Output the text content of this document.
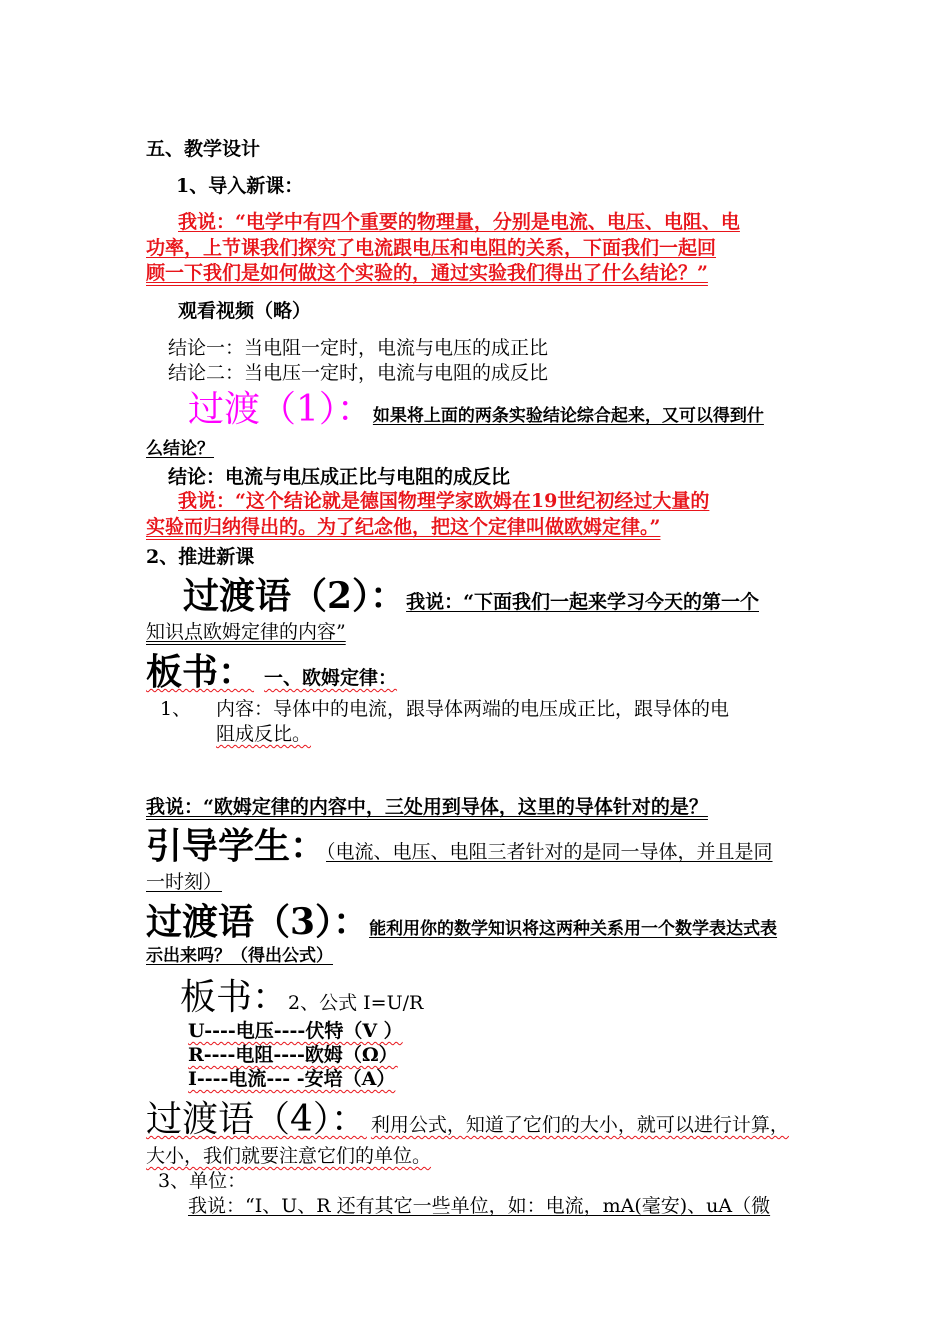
五、教学设计
1、导入新课：
我说：“电学中有四个重要的物理量，分别是电流、电压、电阻、电
功率，上节课我们探究了电流跟电压和电阻的关系，下面我们一起回
顾一下我们是如何做这个实验的，通过实验我们得出了什么结论？”
观看视频（略）
结论一：当电阻一定时，电流与电压的成正比
结论二：当电压一定时，电流与电阻的成反比
过渡（1）：如果将上面的两条实验结论综合起来，又可以得到什
么结论？
结论：电流与电压成正比与电阻的成反比
我说：“这个结论就是德国物理学家欧姆在19世纪初经过大量的
实验而归纳得出的。为了纪念他，把这个定律叫做欧姆定律。”
2、推进新课
过渡语（2）：我说：“下面我们一起来学习今天的第一个
知识点欧姆定律的内容”
板书： 一、欧姆定律：
1、 内容：导体中的电流，跟导体两端的电压成正比，跟导体的电
阻成反比。
我说：“欧姆定律的内容中，三处用到导体，这里的导体针对的是？
引导学生：（电流、电压、电阻三者针对的是同一导体，并且是同
一时刻）
过渡语（3）：能利用你的数学知识将这两种关系用一个数学表达式表
示出来吗？（得出公式）
板书：2、公式 I=U/R
U----电压----伏特（V ）
R----电阻----欧姆（Ω）
I----电流--- -安培（A）
过渡语（4）： 利用公式，知道了它们的大小，就可以进行计算，
大小，我们就要注意它们的单位。
3、单位：
我说：“I、U、R 还有其它一些单位，如：电流，mA(毫安)、uA（微
